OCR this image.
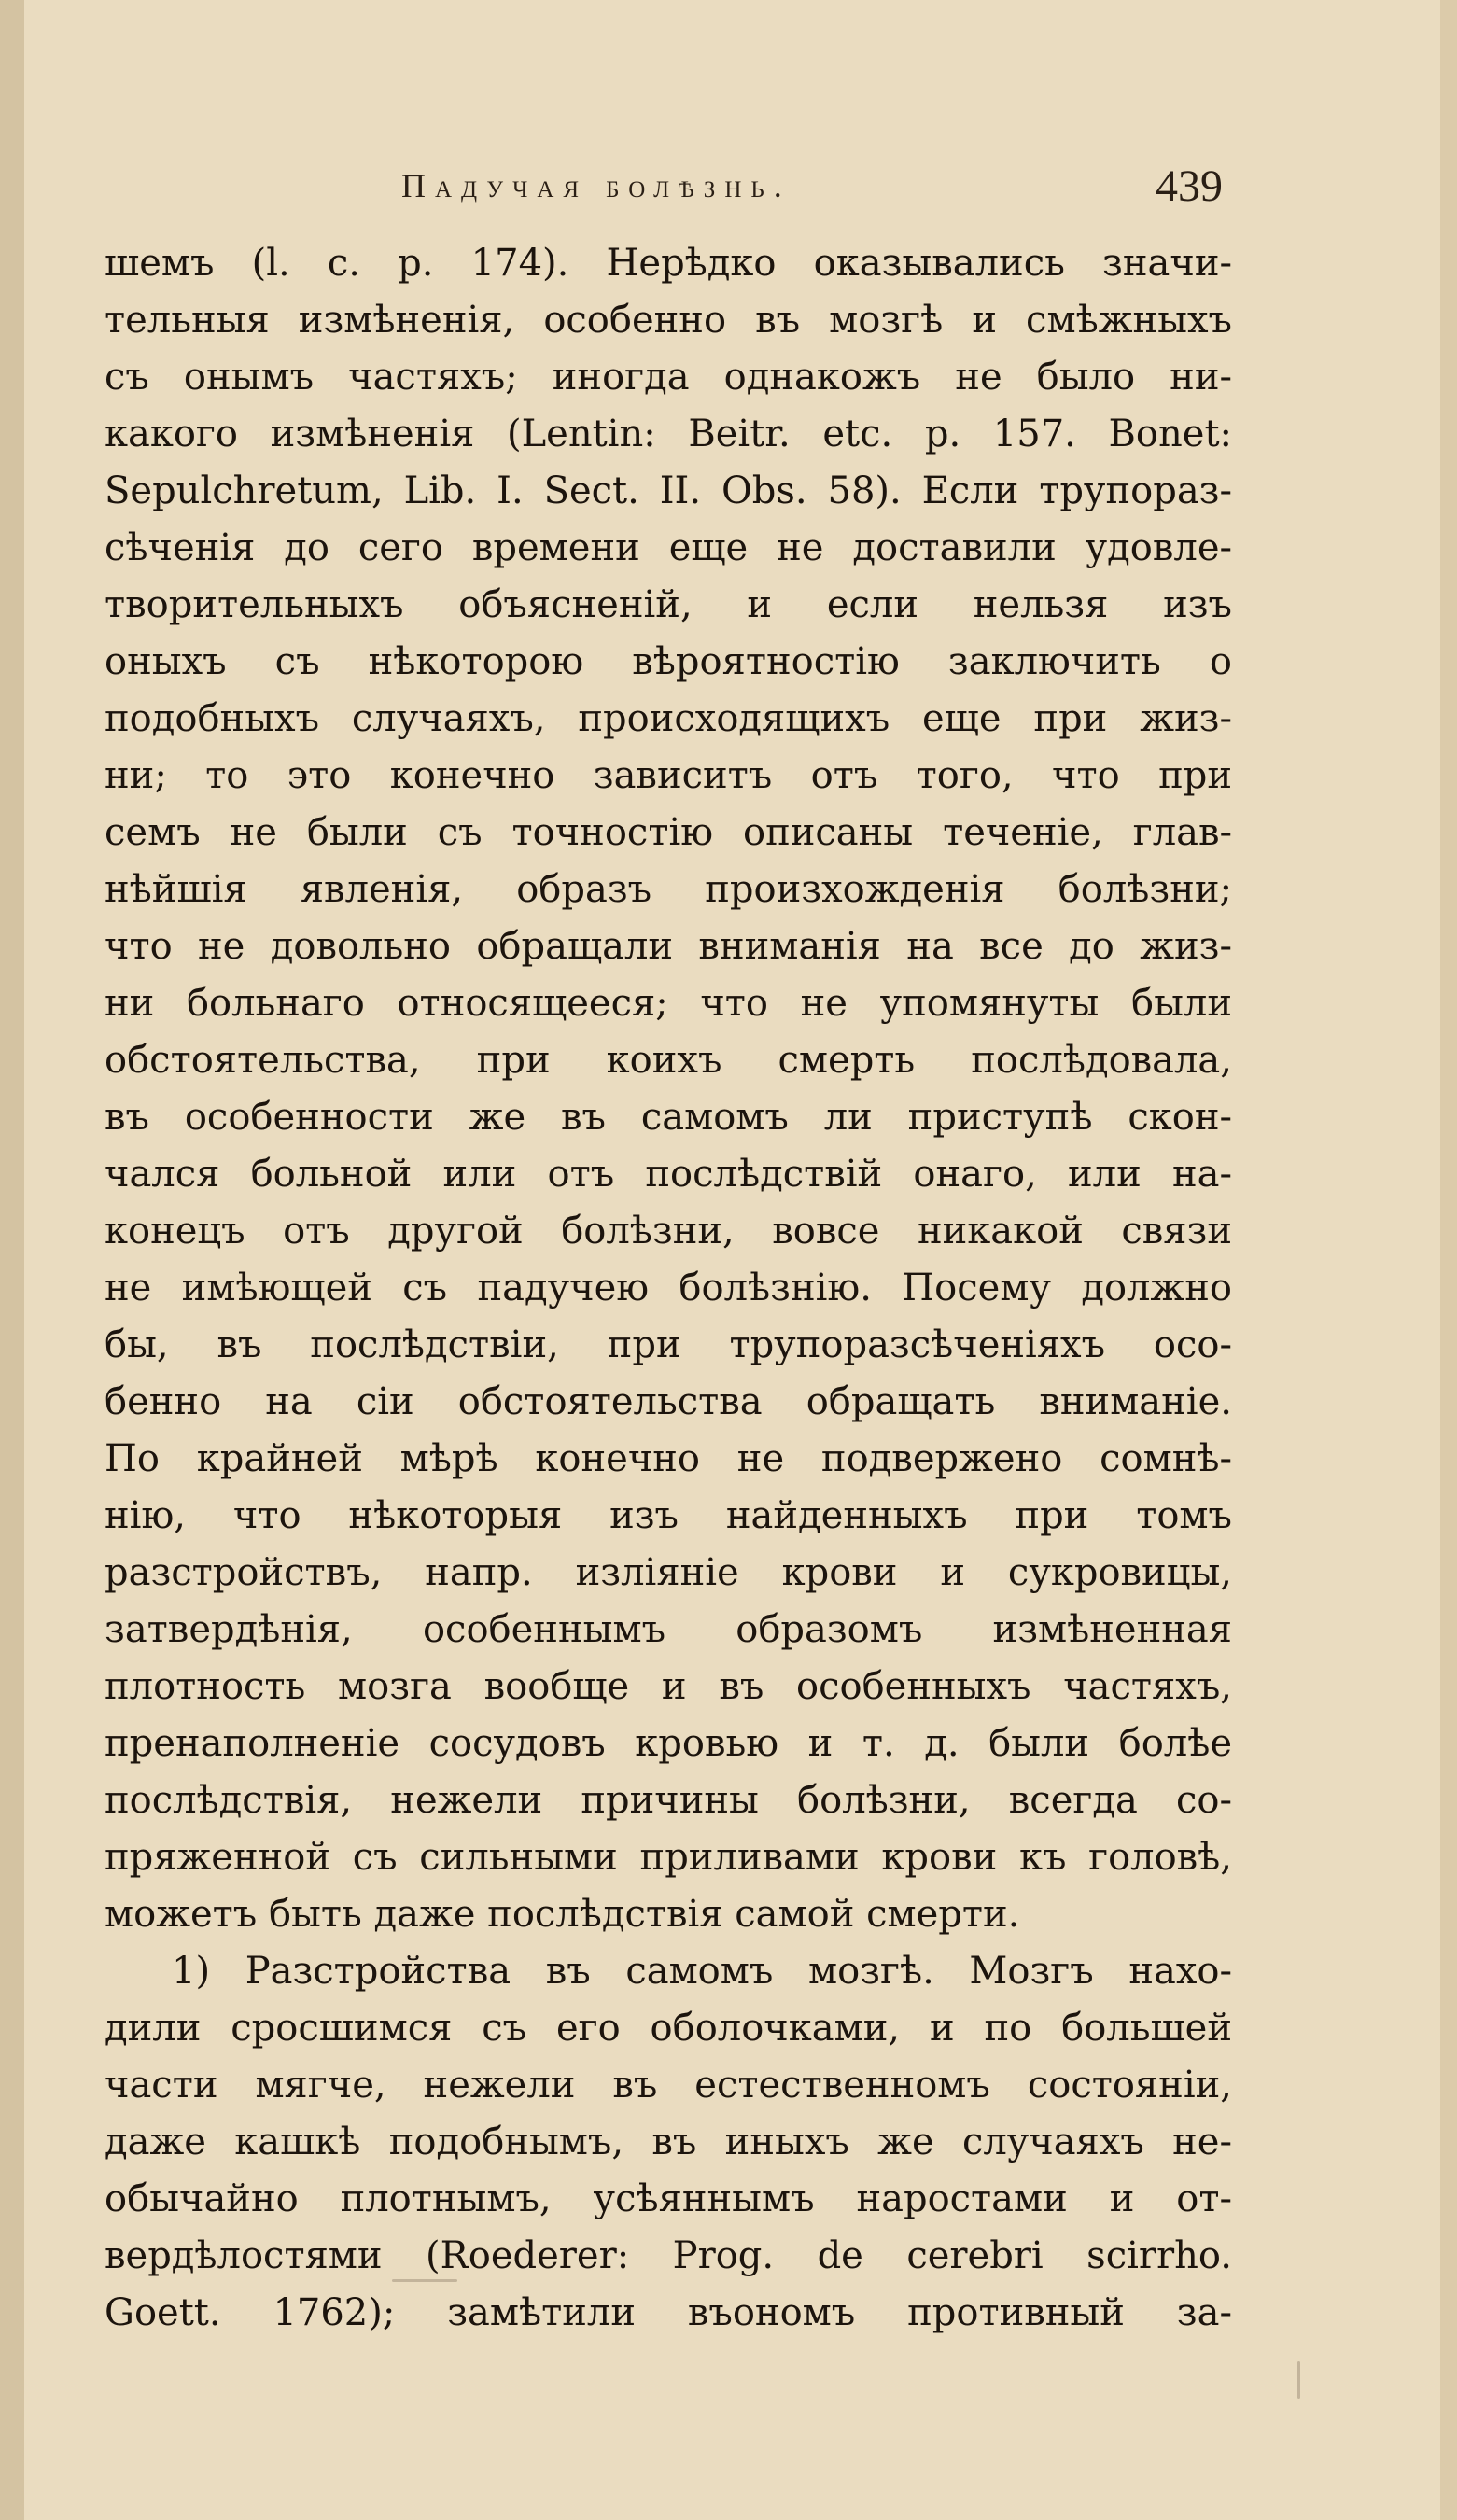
Падучая болѣзнь.	439
шемъ (l. c. p. 174). Нерѣдко оказывались значи-
тельныя измѣненія, особенно въ мозгѣ и смѣжныхъ
съ онымъ частяхъ; иногда однакожъ не было ни-
какого измѣненія (Lentin: Beitr. etc. p. 157. Bonet:
Sepulchretum, Lib. I. Sect. II. Obs. 58). Если трупораз-
сѣченія до сего времени еще не доставили удовле-
творительныхъ объясненій, и если нельзя изъ
оныхъ съ нѣкоторою вѣроятностію заключить о
подобныхъ случаяхъ, происходящихъ еще при жиз-
ни; то это конечно зависитъ отъ того, что при
семъ не были съ точностію описаны теченіе, глав-
нѣйшія явленія, образъ произхожденія болѣзни;
что не довольно обращали вниманія на все до жиз-
ни больнаго относящееся; что не упомянуты были
обстоятельства, при коихъ смерть послѣдовала,
въ особенности же въ самомъ ли приступѣ скон-
чался больной или отъ послѣдствій онаго, или на-
конецъ отъ другой болѣзни, вовсе никакой связи
не имѣющей съ падучею болѣзнію. Посему должно
бы, въ послѣдствіи, при трупоразсѣченіяхъ осо-
бенно на сіи обстоятельства обращать вниманіе.
По крайней мѣрѣ конечно не подвержено сомнѣ-
нію, что нѣкоторыя изъ найденныхъ при томъ
разстройствъ, напр. изліяніе крови и сукровицы,
затвердѣнія, особеннымъ образомъ измѣненная
плотность мозга вообще и въ особенныхъ частяхъ,
пренаполненіе сосудовъ кровью и т. д. были болѣе
послѣдствія, нежели причины болѣзни, всегда со-
пряженной съ сильными приливами крови къ головѣ,
можетъ быть даже послѣдствія самой смерти.
1) Разстройства въ самомъ мозгѣ. Мозгъ нахо-
дили сросшимся съ его оболочками, и по большей
части мягче, нежели въ естественномъ состояніи,
даже кашкѣ подобнымъ, въ иныхъ же случаяхъ не-
обычайно плотнымъ, усѣяннымъ наростами и от-
вердѣлостями (Roederer: Prog. de cerebri scirrho.
Goett. 1762); замѣтили въономъ противный за-
